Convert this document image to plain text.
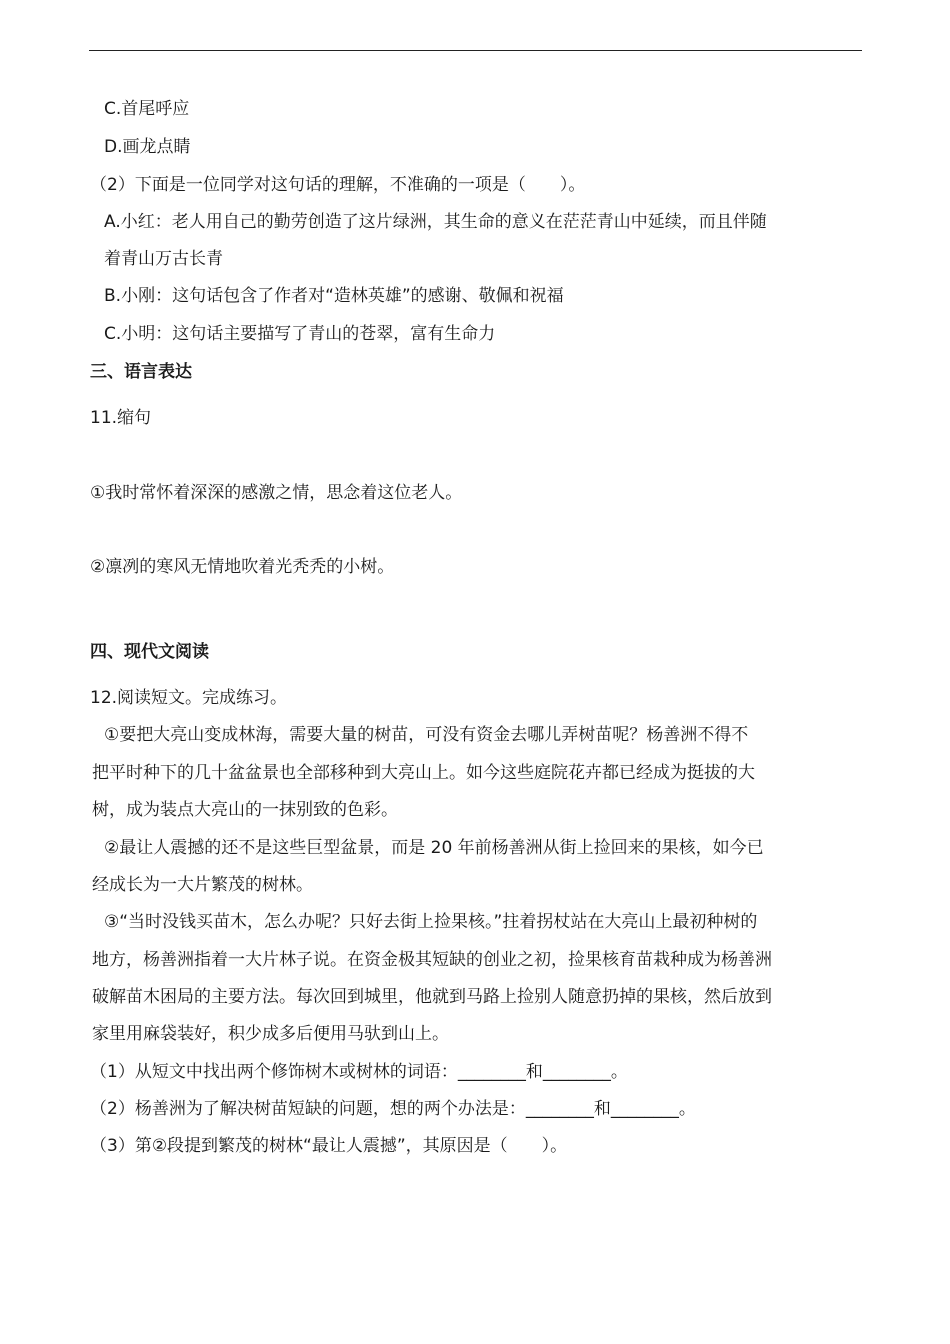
C.首尾呼应
D.画龙点睛
（2）下面是一位同学对这句话的理解，不准确的一项是（　　）。
A.小红：老人用自己的勤劳创造了这片绿洲，其生命的意义在茫茫青山中延续，而且伴随
着青山万古长青
B.小刚：这句话包含了作者对“造林英雄”的感谢、敬佩和祝福
C.小明：这句话主要描写了青山的苍翠，富有生命力
三、语言表达
11.缩句
①我时常怀着深深的感激之情，思念着这位老人。
②凛冽的寒风无情地吹着光秃秃的小树。
四、现代文阅读
12.阅读短文。完成练习。
①要把大亮山变成林海，需要大量的树苗，可没有资金去哪儿弄树苗呢？杨善洲不得不
把平时种下的几十盆盆景也全部移种到大亮山上。如今这些庭院花卉都已经成为挺拔的大
树，成为装点大亮山的一抹别致的色彩。
②最让人震撼的还不是这些巨型盆景，而是 20 年前杨善洲从街上捡回来的果核，如今已
经成长为一大片繁茂的树林。
③“当时没钱买苗木，怎么办呢？只好去街上捡果核。”拄着拐杖站在大亮山上最初种树的
地方，杨善洲指着一大片林子说。在资金极其短缺的创业之初，捡果核育苗栽种成为杨善洲
破解苗木困局的主要方法。每次回到城里，他就到马路上捡别人随意扔掉的果核，然后放到
家里用麻袋装好，积少成多后便用马驮到山上。
（1）从短文中找出两个修饰树木或树林的词语：________和________。
（2）杨善洲为了解决树苗短缺的问题，想的两个办法是：________和________。
（3）第②段提到繁茂的树林“最让人震撼”，其原因是（　　）。
